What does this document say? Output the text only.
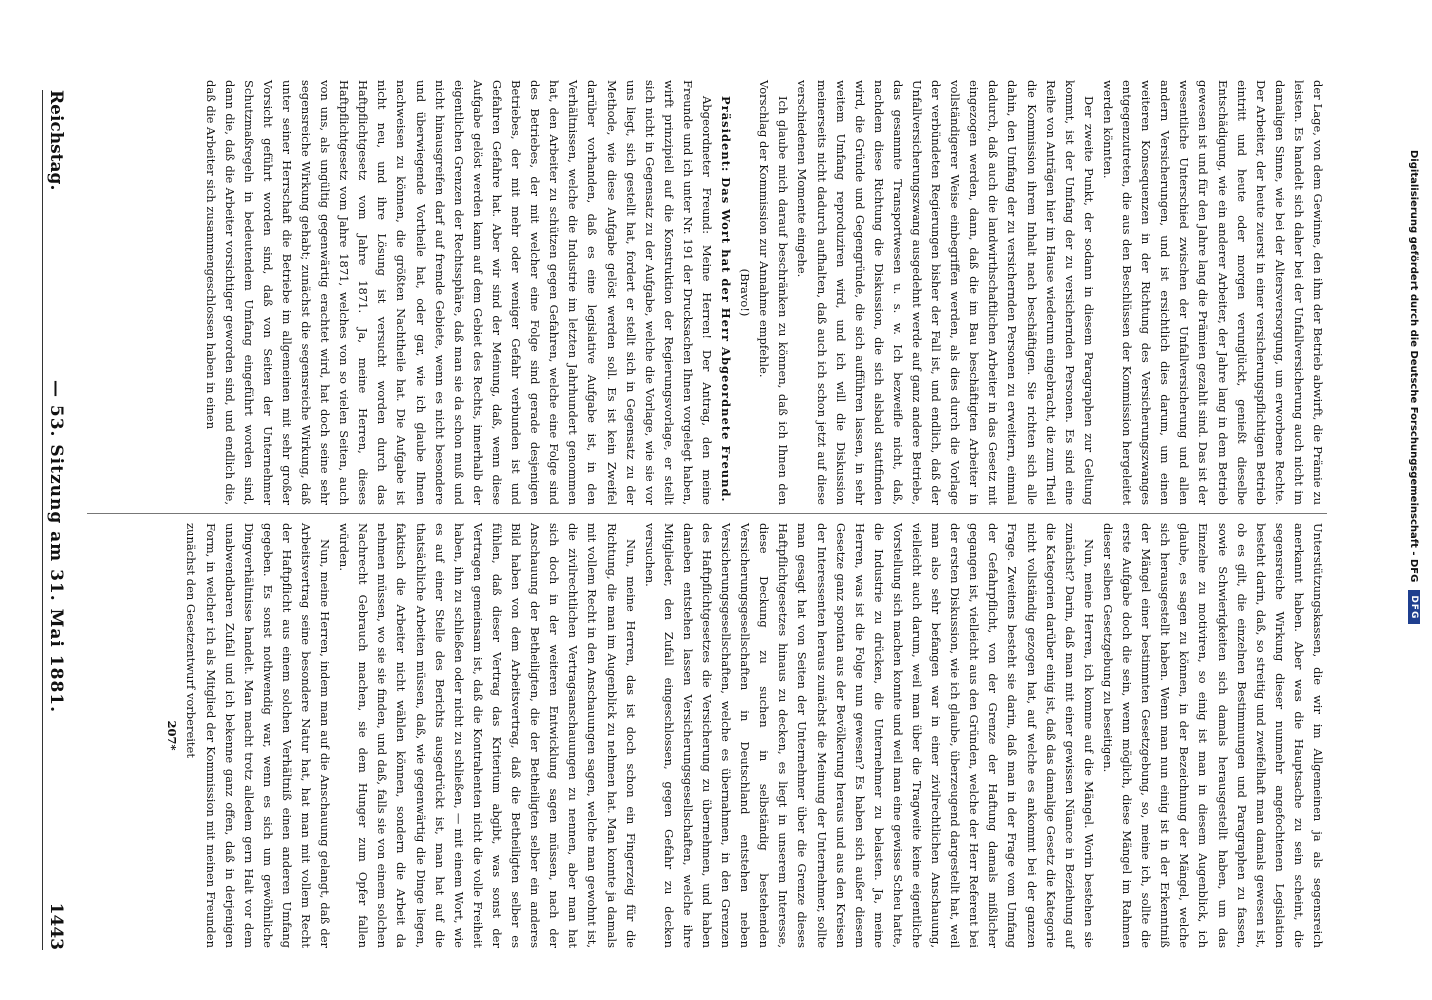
Reichstag.
— 53. Sitzung am 31. Mai 1881.
1443

der Lage, von dem Gewinne, den ihm der Betrieb abwirft, die Prämie zu leisten. Es handelt sich daher bei der Unfallversicherung auch nicht im damaligen Sinne, wie bei der Altersversorgung, um erworbene Rechte. Der Arbeiter, der heute zuerst in einer versicherungspflichtigen Betrieb eintritt und heute oder morgen verunglückt, genießt dieselbe Entschädigung, wie ein anderer Arbeiter, der Jahre lang in dem Betrieb gewesen ist und für den Jahre lang die Prämien gezahlt sind. Das ist der wesentliche Unterschied zwischen der Unfallversicherung und allen andern Versicherungen, und ist ersichtlich dies darum, um einen weiteren Konsequenzen in der Richtung des Versicherungszwanges entgegenzutreten, die aus den Beschlüssen der Kommission hergeleitet werden könnten.

Der zweite Punkt, der sodann in diesem Paragraphen zur Geltung kommt, ist der Umfang der zu versichernden Personen. Es sind eine Reihe von Anträgen hier im Hause wiederum eingebracht, die zum Theil die Kommission ihrem Inhalt nach beschäftigen. Sie richten sich alle dahin, den Umfang der zu versichernden Personen zu erweitern, einmal dadurch, daß auch die landwirthschaftlichen Arbeiter in das Gesetz mit eingezogen werden, dann, daß die im Bau beschäftigten Arbeiter in vollständigerer Weise einbegriffen werden, als dies durch die Vorlage der verbündeten Regierungen bisher der Fall ist, und endlich, daß der Unfallversicherungszwang ausgedehnt werde auf ganz andere Betriebe, das gesammte Transportwesen u. s. w. Ich bezweifle nicht, daß, nachdem diese Richtung die Diskussion, die sich alsbald stattfinden wird, die Gründe und Gegengründe, die sich aufführen lassen, in sehr weitem Umfang reproduziren wird, und ich will die Diskussion meinerseits nicht dadurch aufhalten, daß auch ich schon jetzt auf diese verschiedenen Momente eingehe.

Ich glaube mich darauf beschränken zu können, daß ich Ihnen den Vorschlag der Kommission zur Annahme empfehle.

(Bravo!)

Präsident: Das Wort hat der Herr Abgeordnete Freund.

Abgeordneter Freund: Meine Herren! Der Antrag, den meine Freunde und ich unter Nr. 191 der Drucksachen Ihnen vorgelegt haben, wirft prinzipiell auf die Konstruktion der Regierungsvorlage, er stellt sich nicht in Gegensatz zu der Aufgabe, welche die Vorlage, wie sie vor uns liegt, sich gestellt hat, fordert er stellt sich in Gegensatz zu der Methode, wie diese Aufgabe gelöst werden soll. Es ist kein Zweifel darüber vorhanden, daß es eine legislative Aufgabe ist, in den Verhältnissen, welche die Industrie im letzten Jahrhundert genommen hat, den Arbeiter zu schützen gegen Gefahren, welche eine Folge sind des Betriebes, der mit welcher eine Folge sind gerade desjenigen Betriebes, der mit mehr oder weniger Gefahr verbunden ist und Gefahren Gefahre hat. Aber wir sind der Meinung, daß, wenn diese Aufgabe gelöst werden kann auf dem Gebiet des Rechts, innerhalb der eigentlichen Grenzen der Rechtssphäre, daß man sie da schon muß und nicht hinausgreifen darf auf fremde Gebiete, wenn es nicht besondere und überwiegende Vortheile hat, oder gar, wie ich glaube Ihnen nachweisen zu können, die größten Nachtheile hat. Die Aufgabe ist nicht neu, und ihre Lösung ist versucht worden durch das Haftpflichtgesetz vom Jahre 1871. Ja, meine Herren, dieses Haftpflichtgesetz vom Jahre 1871, welches von so vielen Seiten, auch von uns, als ungültig gegenwärtig erachtet wird, hat doch seine sehr segensreiche Wirkung gehabt; zunächst die segensreiche Wirkung, daß unter seiner Herrschaft die Betriebe im allgemeinen mit sehr großer Vorsicht geführt worden sind, daß von Seiten der Unternehmer Schutzmaßregeln in bedeutendem Umfang eingeführt worden sind, dann die, daß die Arbeiter vorsichtiger geworden sind, und endlich die, daß die Arbeiter sich zusammengeschlossen haben in einen

Unterstützungskassen, die wir im Allgemeinen ja als segensreich anerkannt haben. Aber was die Hauptsache zu sein scheint, die segensreiche Wirkung dieser nunmehr angefochtenen Legislation besteht darin, daß, so streitig und zweifelhaft man damals gewesen ist, ob es gilt, die einzelnen Bestimmungen und Paragraphen zu fassen, sowie Schwierigkeiten sich damals herausgestellt haben, um das Einzelne zu motiviren, so einig ist man in diesem Augenblick, ich glaube, es sagen zu können, in der Bezeichnung der Mängel, welche sich herausgestellt haben. Wenn man nun einig ist in der Erkenntniß der Mängel einer bestimmten Gesetzgebung, so, meine ich, sollte die erste Aufgabe doch die sein, wenn möglich, diese Mängel im Rahmen dieser selben Gesetzgebung zu beseitigen.

Nun, meine Herren, ich komme auf die Mängel. Worin bestehen sie zunächst? Darin, daß man mit einer gewissen Nüance in Beziehung auf die Kategorien darüber einig ist, daß das damalige Gesetz die Kategorie nicht vollständig gezogen hat, auf welche es ankommt bei der ganzen Frage. Zweitens besteht sie darin, daß man in der Frage vom Umfang der Gefahrpflicht, von der Grenze der Haftung damals mißlicher gegangen ist, vielleicht aus den Gründen, welche der Herr Referent bei der ersten Diskussion, wie ich glaube, überzeugend dargestellt hat, weil man also sehr befangen war in einer zivilrechtlichen Anschauung, vielleicht auch darum, weil man über die Tragweite keine eigentliche Vorstellung sich machen konnte und weil man eine gewisse Scheu hatte, die Industrie zu drücken, die Unternehmer zu belasten. Ja, meine Herren, was ist die Folge nun gewesen? Es haben sich außer diesem Gesetze ganz spontan aus der Bevölkerung heraus und aus den Kreisen der Interessenten heraus zunächst die Meinung der Unternehmer, sollte man gesagt hat von Seiten der Unternehmer über die Grenze dieses Haftpflichtgesetzes hinaus zu decken, es liegt in unserem Interesse, diese Deckung zu suchen in selbständig bestehenden Versicherungsgesellschaften in Deutschland entstehen neben Versicherungsgesellschaften, welche es übernahmen, in den Grenzen des Haftpflichtgesetzes die Versicherung zu übernehmen, und haben daneben entstehen lassen Versicherungsgesellschaften, welche ihre Mitglieder, den Zufall eingeschlossen, gegen Gefahr zu decken versuchen.

Nun, meine Herren, das ist doch schon ein Fingerzeig für die Richtung, die man im Augenblick zu nehmen hat. Man konnte ja damals mit vollem Recht in den Anschauungen sagen, welche man gewohnt ist, die zivilrechtlichen Vertragsanschauungen zu nennen, aber man hat sich doch in der weiteren Entwicklung sagen müssen, nach der Anschauung der Betheiligten, die der Betheiligten selber ein anderes Bild haben von dem Arbeitsvertrag, daß die Betheiligten selber es fühlen, daß dieser Vertrag das Kriterium abgibt, was sonst der Vertragen gemeinsam ist, daß die Kontrahenten nicht die volle Freiheit haben, ihn zu schließen oder nicht zu schließen, — mit einem Wort, wie es auf einer Stelle des Berichts ausgedrückt ist, man hat auf die thatsächliche Arbeiten müssen, daß, wie gegenwärtig die Dinge liegen, faktisch die Arbeiter nicht wählen können, sondern die Arbeit da nehmen müssen, wo sie sie finden, und daß, falls sie von einem solchen Nachrecht Gebrauch machen, sie dem Hunger zum Opfer fallen würden.

Nun, meine Herren, indem man auf die Anschauung gelangt, daß der Arbeitsvertrag seine besondere Natur hat, hat man mit vollem Recht der Haftpflicht aus einem solchen Verhältniß einen anderen Umfang gegeben. Es sonst nothwendig war, wenn es sich um gewöhnliche Dingverhältnisse handelt. Man macht trotz alledem gern Halt vor dem unabwendbaren Zufall und ich bekenne ganz offen, daß in derjenigen Form, in welcher ich als Mitglied der Kommission mit meinen Freunden zunächst den Gesetzentwurf vorbereitet

207*

Digitalisierung gefördert durch die Deutsche Forschungsgemeinschaft - DFG
DFG
